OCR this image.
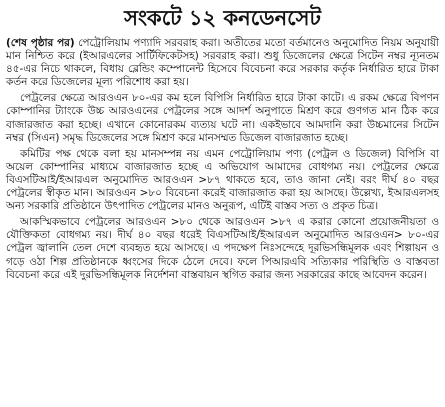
সংকটে ১২ কনডেনসেট

(শেষ পৃষ্ঠার পর) পেট্রোলিয়াম পণ্যাদি সরবরাহ করা। অতীতের মতো বর্তমানেও অনুমোদিত নিয়ম অনুযায়ী মান নিশ্চিত করে (ইআরএলের সার্টিফিকেটসহ) সরবরাহ করা। শুধু ডিজেলের ক্ষেত্রে সিটেন নম্বর ন্যূনতম ৪৫-এর নিচে থাকলে, বিধায় ব্লেন্ডিং কম্পোনেন্ট হিসেবে বিবেচনা করে সরকার কর্তৃক নির্ধারিত হারে টাকা কর্তন করে ডিজেলের মূল্য পরিশোধ করা হয়।

পেট্রলের ক্ষেত্রে আরওএন ৮০-এর কম হলে বিপিসি নির্ধারিত হারে টাকা কাটে। এ রকম ক্ষেত্রে বিপণন কোম্পানির ট্যাংকে উচ্চ আরওএনের পেট্রলের সঙ্গে আদর্শ অনুপাতে মিশ্রণ করে গুণগত মান ঠিক করে বাজারজাত করা হচ্ছে। এখানে কোনোরকম ব্যত্যয় ঘটে না। একইভাবে আমদানি করা উচ্চমানের সিটেন নম্বর (সিএন) সমৃদ্ধ ডিজেলের সঙ্গে মিশ্রণ করে মানসম্মত ডিজেল বাজারজাত হচ্ছে।

কমিটির পক্ষ থেকে বলা হয় মানসম্পন্ন নয় এমন পেট্রোলিয়াম পণ্য (পেট্রল ও ডিজেল) বিপিসি বা অয়েল কোম্পানির মাধ্যমে বাজারজাত হচ্ছে এ অভিযোগ আমাদের বোধগম্য নয়। পেট্রলের ক্ষেত্রে বিএসটিআই/ইআরএল অনুমোদিত আরওএন >৮৭ থাকতে হবে, তাও জানা নেই। বরং দীর্ঘ ৪০ বছর পেট্রলের স্বীকৃত মান। আরওএন >৮০ বিবেচনা করেই বাজারজাত করা হয় আসছে। উল্লেখ্য, ইআরএলসহ অন্য সরকারি প্রতিষ্ঠানে উৎপাদিত পেট্রলের মানও অনুরূপ, এটিই বাস্তব সত্য ও প্রকৃত চিত্র।

আকস্মিকভাবে পেট্রলের আরওএন >৮০ থেকে আরওএন >৮৭ এ করার কোনো প্রয়োজনীয়তা ও যৌক্তিকতা বোধগম্য নয়। দীর্ঘ ৪০ বছর ধরেই বিএসটিআই/ইআরএল অনুমোদিত আরওএন> ৮০-এর পেট্রল জ্বালানি তেল দেশে ব্যবহৃত হয়ে আসছে। এ পদক্ষেপ নিঃসন্দেহে দূরভিসন্ধিমূলক এবং শিল্পায়ন ও গড়ে ওঠা শিল্প প্রতিষ্ঠানকে ধ্বংসের দিকে ঠেলে দেবে। ফলে পিআরএবি সত্যিকার পরিস্থিতি ও বাস্তবতা বিবেচনা করে এই দুরভিসন্ধিমূলক নির্দেশনা বাস্তবায়ন স্থগিত করার জন্য সরকারের কাছে আবেদন করেন।
